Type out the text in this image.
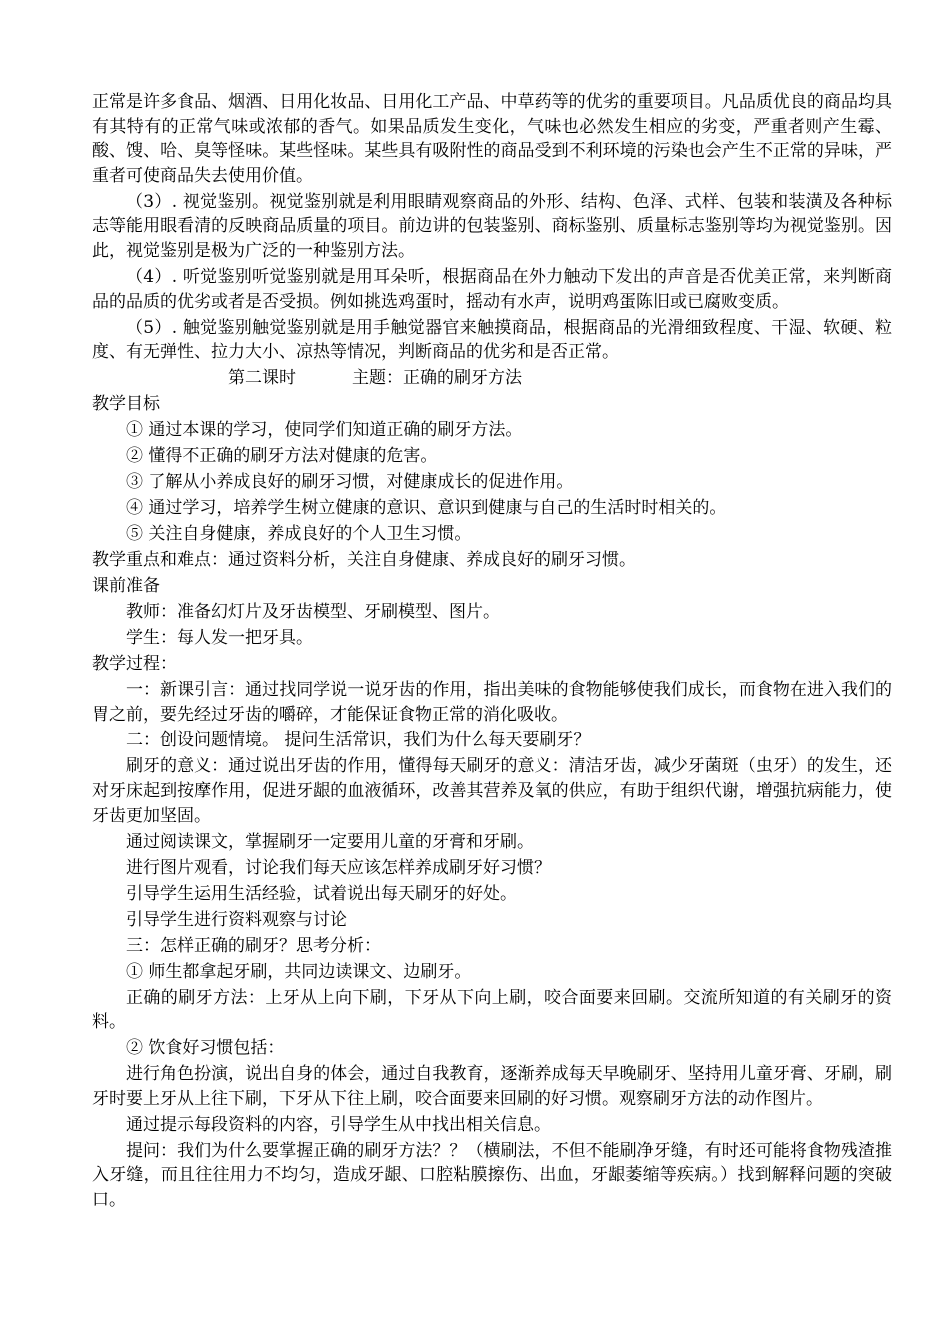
正常是许多食品、烟酒、日用化妆品、日用化工产品、中草药等的优劣的重要项目。凡品质优良的商品均具有其特有的正常气味或浓郁的香气。如果品质发生变化，气味也必然发生相应的劣变，严重者则产生霉、酸、馊、哈、臭等怪味。某些怪味。某些具有吸附性的商品受到不利环境的污染也会产生不正常的异味，严重者可使商品失去使用价值。

（3）. 视觉鉴别。视觉鉴别就是利用眼睛观察商品的外形、结构、色泽、式样、包装和装潢及各种标志等能用眼看清的反映商品质量的项目。前边讲的包装鉴别、商标鉴别、质量标志鉴别等均为视觉鉴别。因此，视觉鉴别是极为广泛的一种鉴别方法。

（4）. 听觉鉴别听觉鉴别就是用耳朵听，根据商品在外力触动下发出的声音是否优美正常，来判断商品的品质的优劣或者是否受损。例如挑选鸡蛋时，摇动有水声，说明鸡蛋陈旧或已腐败变质。

（5）. 触觉鉴别触觉鉴别就是用手触觉器官来触摸商品，根据商品的光滑细致程度、干湿、软硬、粒度、有无弹性、拉力大小、凉热等情况，判断商品的优劣和是否正常。

第二课时	主题：正确的刷牙方法

教学目标

① 通过本课的学习，使同学们知道正确的刷牙方法。

② 懂得不正确的刷牙方法对健康的危害。

③ 了解从小养成良好的刷牙习惯，对健康成长的促进作用。

④ 通过学习，培养学生树立健康的意识、意识到健康与自己的生活时时相关的。

⑤ 关注自身健康，养成良好的个人卫生习惯。

教学重点和难点：通过资料分析，关注自身健康、养成良好的刷牙习惯。

课前准备

教师：准备幻灯片及牙齿模型、牙刷模型、图片。

学生：每人发一把牙具。

教学过程：

一：新课引言：通过找同学说一说牙齿的作用，指出美味的食物能够使我们成长，而食物在进入我们的胃之前，要先经过牙齿的嚼碎，才能保证食物正常的消化吸收。

二：创设问题情境。 提问生活常识，我们为什么每天要刷牙？

刷牙的意义：通过说出牙齿的作用，懂得每天刷牙的意义：清洁牙齿，减少牙菌斑（虫牙）的发生，还对牙床起到按摩作用，促进牙龈的血液循环，改善其营养及氧的供应，有助于组织代谢，增强抗病能力，使牙齿更加坚固。

通过阅读课文，掌握刷牙一定要用儿童的牙膏和牙刷。

进行图片观看，讨论我们每天应该怎样养成刷牙好习惯？

引导学生运用生活经验，试着说出每天刷牙的好处。

引导学生进行资料观察与讨论

三：怎样正确的刷牙？思考分析：

① 师生都拿起牙刷，共同边读课文、边刷牙。

正确的刷牙方法：上牙从上向下刷，下牙从下向上刷，咬合面要来回刷。交流所知道的有关刷牙的资料。

② 饮食好习惯包括：

进行角色扮演，说出自身的体会，通过自我教育，逐渐养成每天早晚刷牙、坚持用儿童牙膏、牙刷，刷牙时要上牙从上往下刷，下牙从下往上刷，咬合面要来回刷的好习惯。观察刷牙方法的动作图片。

通过提示每段资料的内容，引导学生从中找出相关信息。

提问：我们为什么要掌握正确的刷牙方法？？（横刷法，不但不能刷净牙缝，有时还可能将食物残渣推入牙缝，而且往往用力不均匀，造成牙龈、口腔粘膜擦伤、出血，牙龈萎缩等疾病。）找到解释问题的突破口。
